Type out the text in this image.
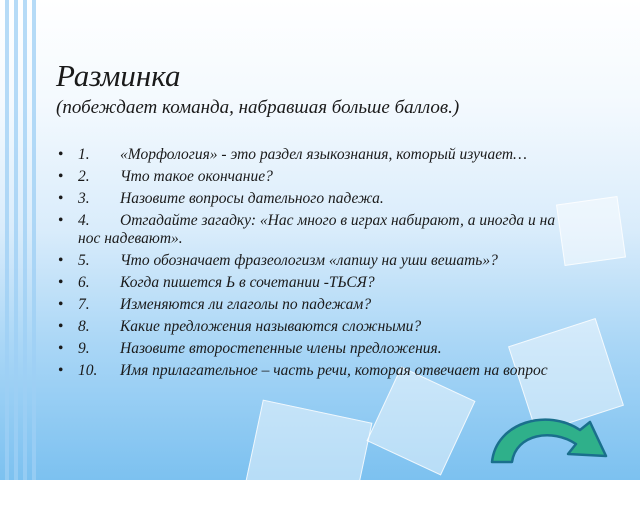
Разминка
(побеждает команда, набравшая больше баллов.)
• 1. «Морфология» - это раздел языкознания, который изучает…
• 2. Что такое окончание?
• 3. Назовите вопросы дательного падежа.
• 4. Отгадайте загадку: «Нас много в играх набирают, а иногда и на нос надевают».
• 5. Что обозначает фразеологизм «лапшу на уши вешать»?
• 6. Когда пишется Ь в сочетании -ТЬСЯ?
• 7. Изменяются ли глаголы по падежам?
• 8. Какие предложения называются сложными?
• 9. Назовите второстепенные члены предложения.
• 10. Имя прилагательное – часть речи, которая отвечает на вопрос
